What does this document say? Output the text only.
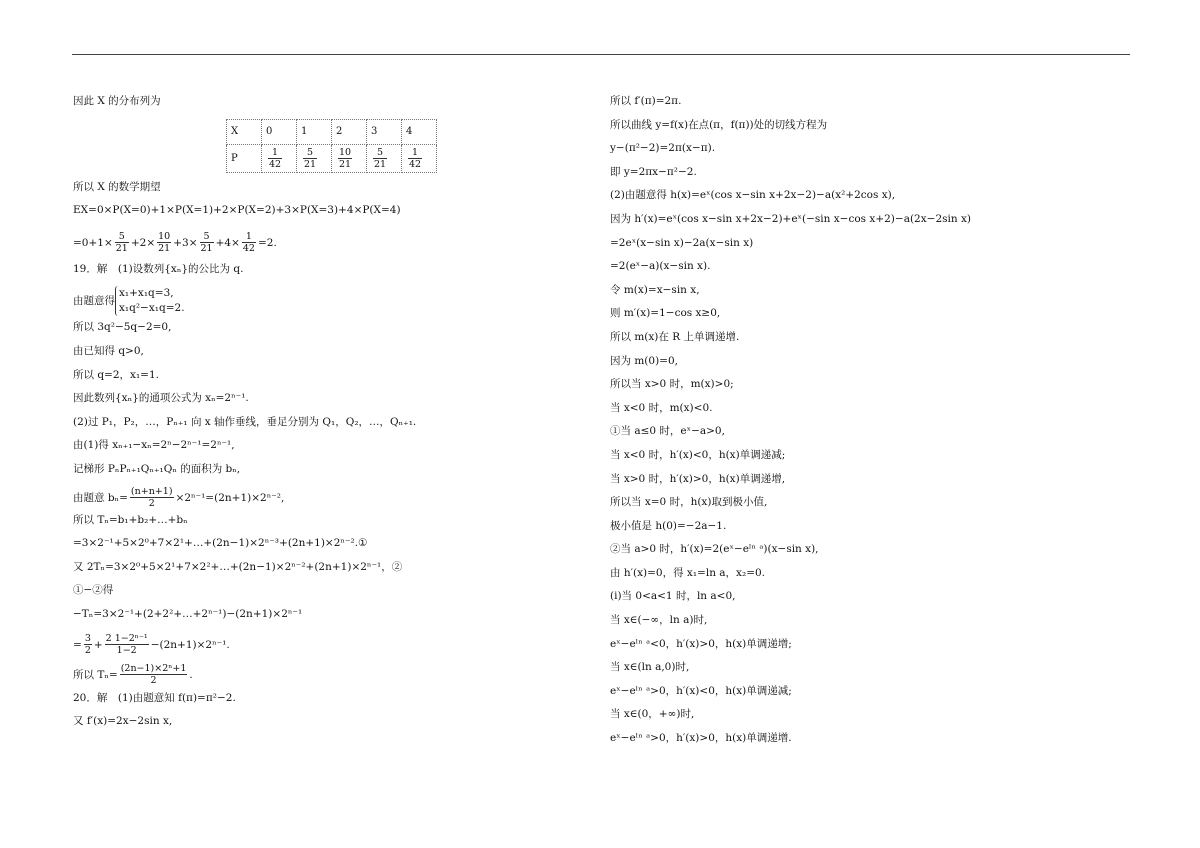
因此 X 的分布列为
X	0	1	2	3	4
P	$\frac{1}{42}$	$\frac{5}{21}$	$\frac{10}{21}$	$\frac{5}{21}$	$\frac{1}{42}$
所以 X 的数学期望
EX=0×P(X=0)+1×P(X=1)+2×P(X=2)+3×P(X=3)+4×P(X=4)
$=0+1\times \frac{5}{21} +2\times \frac{10}{21} +3\times \frac{5}{21} +4\times \frac{1}{42} =2$.
19．解　(1)设数列{xₙ}的公比为 q.
由题意得
x₁+x₁q=3,
x₁q²−x₁q=2.
所以 3q²−5q−2=0,
由已知得 q>0,
所以 q=2，x₁=1.
因此数列{xₙ}的通项公式为 xₙ=2ⁿ⁻¹.
(2)过 P₁，P₂，…，Pₙ₊₁ 向 x 轴作垂线，垂足分别为 Q₁，Q₂，…，Qₙ₊₁.
由(1)得 xₙ₊₁−xₙ=2ⁿ−2ⁿ⁻¹=2ⁿ⁻¹,
记梯形 PₙPₙ₊₁Qₙ₊₁Qₙ 的面积为 bₙ,
由题意 $b_n= \frac{(n+n+1)}{2} \times 2^{n-1}=(2n+1)\times 2^{n-2}$,
所以 Tₙ=b₁+b₂+…+bₙ
=3×2⁻¹+5×2⁰+7×2¹+…+(2n−1)×2ⁿ⁻³+(2n+1)×2ⁿ⁻².①
又 2Tₙ=3×2⁰+5×2¹+7×2²+…+(2n−1)×2ⁿ⁻²+(2n+1)×2ⁿ⁻¹，②
①−②得
−Tₙ=3×2⁻¹+(2+2²+…+2ⁿ⁻¹)−(2n+1)×2ⁿ⁻¹
= $\frac{3}{2} + \frac{\text{2 1−2ⁿ⁻¹}}{1-2} -(2n+1)\times 2^{n-1}$.
所以 $T_n= \frac{\text{(2n−1)×2ⁿ+1}}{2}$ .
20．解　(1)由题意知 f(π)=π²−2.
又 f′(x)=2x−2sin x,
所以 f′(π)=2π.
所以曲线 y=f(x)在点(π，f(π))处的切线方程为
y−(π²−2)=2π(x−π).
即 y=2πx−π²−2.
(2)由题意得 h(x)=eˣ(cos x−sin x+2x−2)−a(x²+2cos x),
因为 h′(x)=eˣ(cos x−sin x+2x−2)+eˣ(−sin x−cos x+2)−a(2x−2sin x)
=2eˣ(x−sin x)−2a(x−sin x)
=2(eˣ−a)(x−sin x).
令 m(x)=x−sin x,
则 m′(x)=1−cos x≥0,
所以 m(x)在 R 上单调递增.
因为 m(0)=0,
所以当 x>0 时，m(x)>0;
当 x<0 时，m(x)<0.
①当 a≤0 时，eˣ−a>0,
当 x<0 时，h′(x)<0，h(x)单调递减;
当 x>0 时，h′(x)>0，h(x)单调递增,
所以当 x=0 时，h(x)取到极小值,
极小值是 h(0)=−2a−1.
②当 a>0 时，h′(x)=2(eˣ−eˡⁿ ᵃ)(x−sin x),
由 h′(x)=0，得 x₁=ln a，x₂=0.
(i)当 0<a<1 时，ln a<0,
当 x∈(−∞，ln a)时,
eˣ−eˡⁿ ᵃ<0，h′(x)>0，h(x)单调递增;
当 x∈(ln a,0)时,
eˣ−eˡⁿ ᵃ>0，h′(x)<0，h(x)单调递减;
当 x∈(0，+∞)时,
eˣ−eˡⁿ ᵃ>0，h′(x)>0，h(x)单调递增.
